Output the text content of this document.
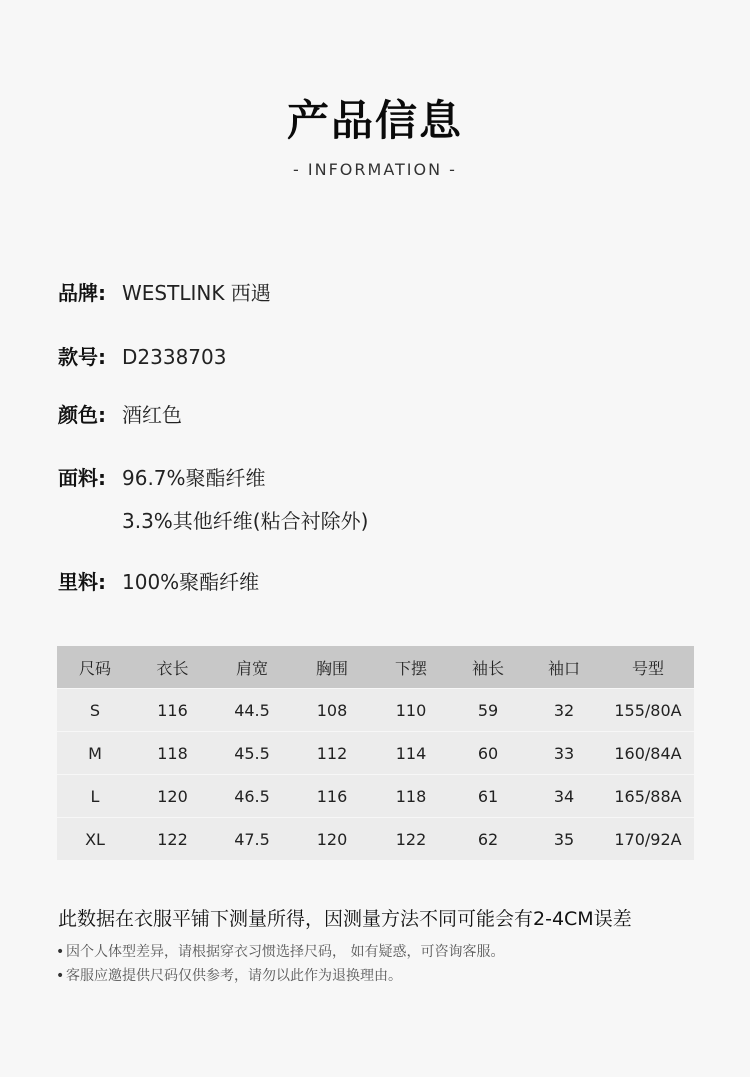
产品信息
- INFORMATION -
品牌: WESTLINK 西遇
款号: D2338703
颜色: 酒红色
面料: 96.7%聚酯纤维
3.3%其他纤维(粘合衬除外)
里料: 100%聚酯纤维
尺码	衣长	肩宽	胸围	下摆	袖长	袖口	号型
S	116	44.5	108	110	59	32	155/80A
M	118	45.5	112	114	60	33	160/84A
L	120	46.5	116	118	61	34	165/88A
XL	122	47.5	120	122	62	35	170/92A
此数据在衣服平铺下测量所得，因测量方法不同可能会有2-4CM误差
• 因个人体型差异，请根据穿衣习惯选择尺码， 如有疑惑，可咨询客服。
• 客服应邀提供尺码仅供参考，请勿以此作为退换理由。
